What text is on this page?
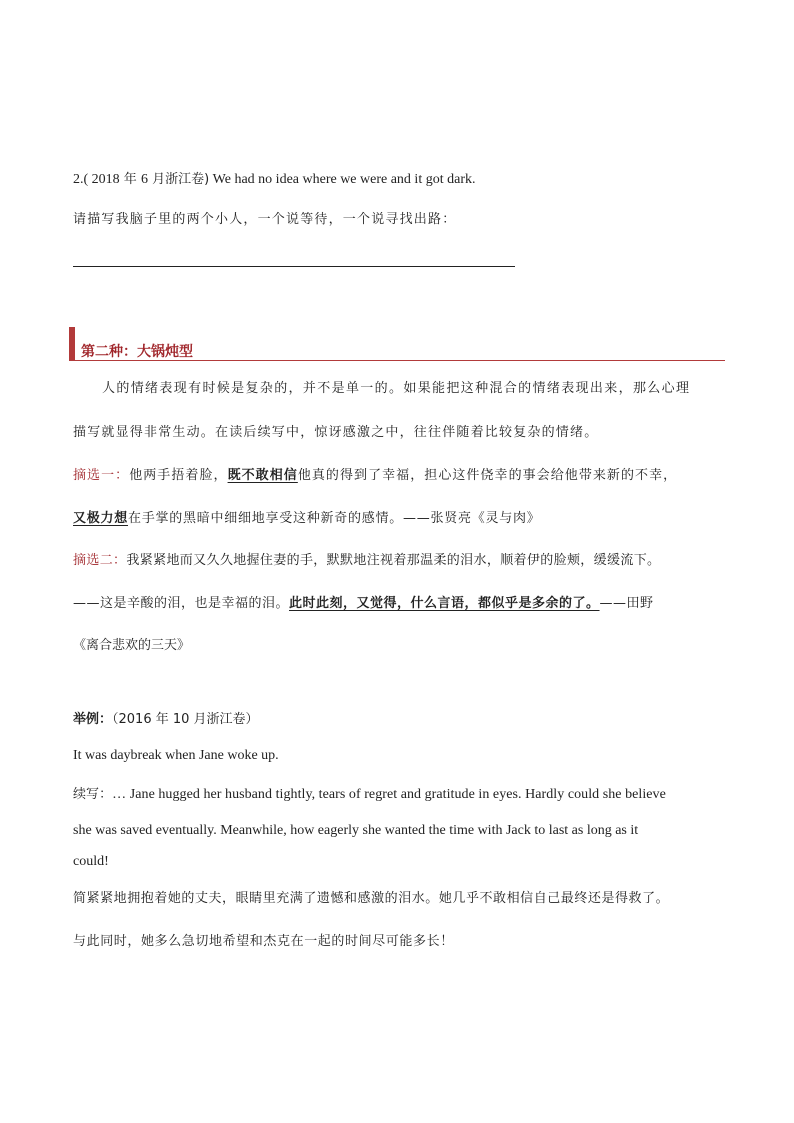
2.( 2018 年 6 月浙江卷) We had no idea where we were and it got dark.
请描写我脑子里的两个小人，一个说等待，一个说寻找出路：
第二种：大锅炖型
人的情绪表现有时候是复杂的，并不是单一的。如果能把这种混合的情绪表现出来，那么心理
描写就显得非常生动。在读后续写中，惊讶感激之中，往往伴随着比较复杂的情绪。
摘选一：他两手捂着脸，既不敢相信他真的得到了幸福，担心这件侥幸的事会给他带来新的不幸，
又极力想在手掌的黑暗中细细地享受这种新奇的感情。——张贤亮《灵与肉》
摘选二：我紧紧地而又久久地握住妻的手，默默地注视着那温柔的泪水，顺着伊的脸颊，缓缓流下。
——这是辛酸的泪，也是幸福的泪。此时此刻，又觉得，什么言语，都似乎是多余的了。——田野
《离合悲欢的三天》
举例：（2016 年 10 月浙江卷）
It was daybreak when Jane woke up.
续写：… Jane hugged her husband tightly, tears of regret and gratitude in eyes. Hardly could she believe
she was saved eventually. Meanwhile, how eagerly she wanted the time with Jack to last as long as it
could!
简紧紧地拥抱着她的丈夫，眼睛里充满了遗憾和感激的泪水。她几乎不敢相信自己最终还是得救了。
与此同时，她多么急切地希望和杰克在一起的时间尽可能多长！
